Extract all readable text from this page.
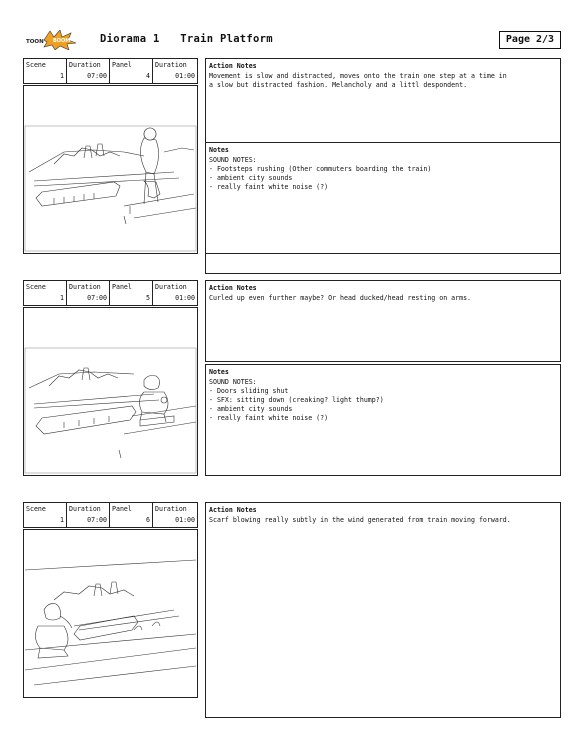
TOON BOOM	Diorama 1 Train Platform	Page 2/3
Scene
1
Duration
07:00
Panel
4
Duration
01:00
Action Notes
Movement is slow and distracted, moves onto the train one step at a time in
a slow but distracted fashion. Melancholy and a littl despondent.
Notes
SOUND NOTES:
- Footsteps rushing (Other commuters boarding the train)
- ambient city sounds
- really faint white noise (?)
Scene
1
Duration
07:00
Panel
5
Duration
01:00
Action Notes
Curled up even further maybe? Or head ducked/head resting on arms.
Notes
SOUND NOTES:
- Doors sliding shut
- SFX: sitting down (creaking? light thump?)
- ambient city sounds
- really faint white noise (?)
Scene
1
Duration
07:00
Panel
6
Duration
01:00
Action Notes
Scarf blowing really subtly in the wind generated from train moving forward.
